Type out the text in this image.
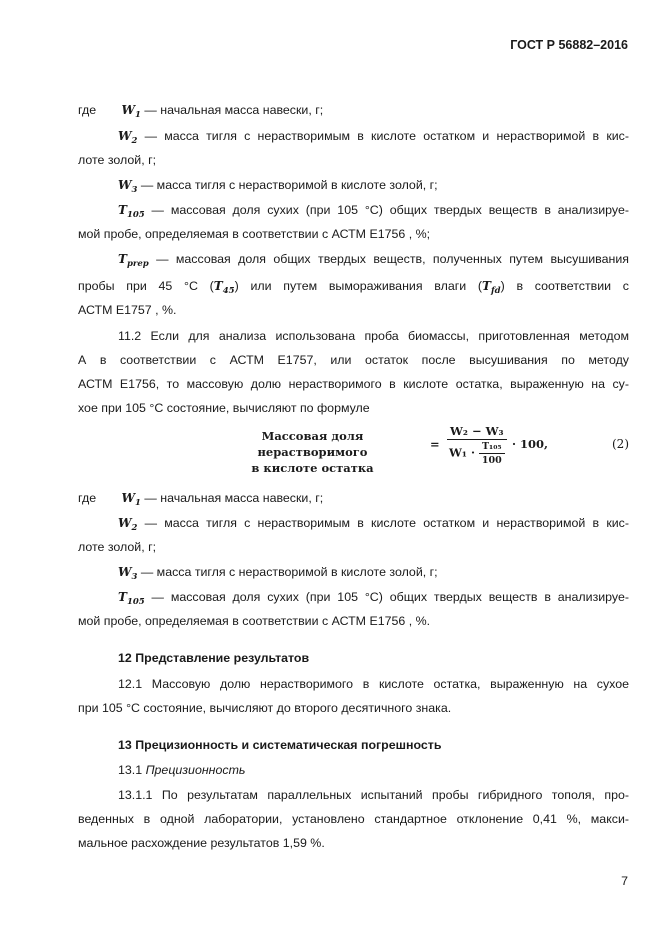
ГОСТ Р 56882–2016
где $W_1$ — начальная масса навески, г;
$W_2$ — масса тигля с нерастворимым в кислоте остатком и нерастворимой в кис-
лоте золой, г;
$W_3$ — масса тигля с нерастворимой в кислоте золой, г;
$T_{105}$ — массовая доля сухих (при 105 °C) общих твердых веществ в анализируе-
мой пробе, определяемая в соответствии с АСТМ Е1756 , %;
$T_{prep}$ — массовая доля общих твердых веществ, полученных путем высушивания
пробы при 45 °С $(T_{45})$ или путем вымораживания влаги $(T_{fd})$ в соответствии с
АСТМ Е1757 , %.
11.2 Если для анализа использована проба биомассы, приготовленная методом
А в соответствии с АСТМ Е1757, или остаток после высушивания по методу
АСТМ Е1756, то массовую долю нерастворимого в кислоте остатка, выраженную на су-
хое при 105 °С состояние, вычисляют по формуле
Массовая доля нерастворимого
в кислоте остатка
= $\frac{\text{W₂ − W₃}}{W_1 \cdot \frac{\text{T₁₀₅}}{100}} \cdot 100$,	(2)
где $W_1$ — начальная масса навески, г;
$W_2$ — масса тигля с нерастворимым в кислоте остатком и нерастворимой в кис-
лоте золой, г;
$W_3$ — масса тигля с нерастворимой в кислоте золой, г;
$T_{105}$ — массовая доля сухих (при 105 °C) общих твердых веществ в анализируе-
мой пробе, определяемая в соответствии с АСТМ Е1756 , %.
12 Представление результатов
12.1 Массовую долю нерастворимого в кислоте остатка, выраженную на сухое
при 105 °С состояние, вычисляют до второго десятичного знака.
13 Прецизионность и систематическая погрешность
13.1 Прецизионность
13.1.1 По результатам параллельных испытаний пробы гибридного тополя, про-
веденных в одной лаборатории, установлено стандартное отклонение 0,41 %, макси-
мальное расхождение результатов 1,59 %.
7
